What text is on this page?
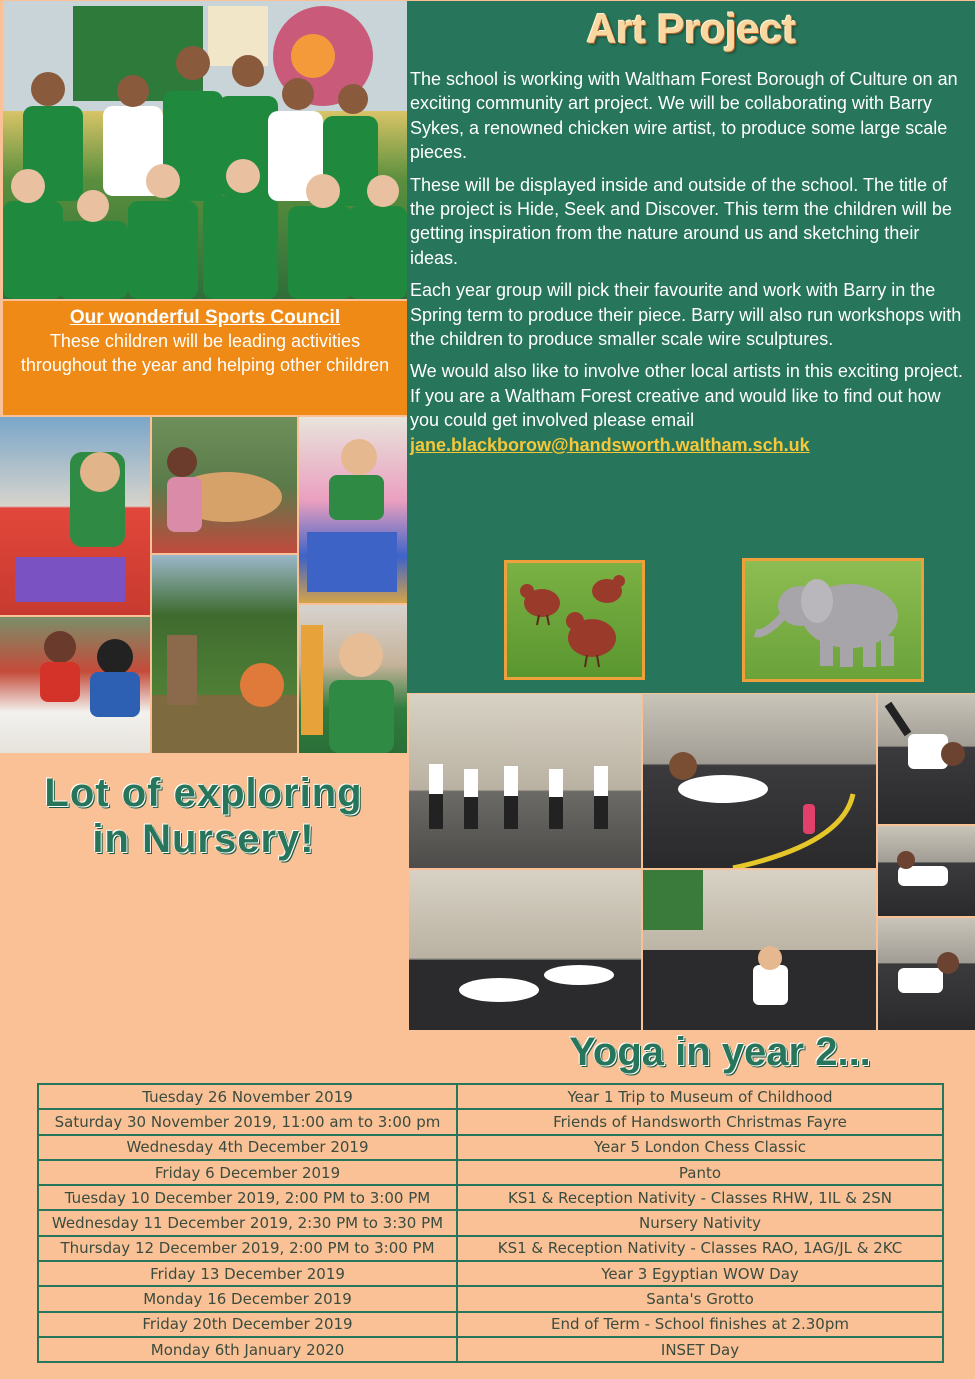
Our wonderful Sports Council
These children will be leading activities throughout the year and helping other children
Art Project

The school is working with Waltham Forest Borough of Culture on an exciting community art project. We will be collaborating with Barry Sykes, a renowned chicken wire artist, to produce some large scale pieces.

These will be displayed inside and outside of the school. The title of the project is Hide, Seek and Discover. This term the children will be getting inspiration from the nature around us and sketching their ideas.

Each year group will pick their favourite and work with Barry in the Spring term to produce their piece. Barry will also run workshops with the children to produce smaller scale wire sculptures.

We would also like to involve other local artists in this exciting project. If you are a Waltham Forest creative and would like to find out how you could get involved please email jane.blackborow@handsworth.waltham.sch.uk

Lot of exploring
in Nursery!
Yoga in year 2...
Tuesday 26 November 2019	Year 1 Trip to Museum of Childhood
Saturday 30 November 2019, 11:00 am to 3:00 pm	Friends of Handsworth Christmas Fayre
Wednesday 4th December 2019	Year 5 London Chess Classic
Friday 6 December 2019	Panto
Tuesday 10 December 2019, 2:00 PM to 3:00 PM	KS1 & Reception Nativity - Classes RHW, 1IL & 2SN
Wednesday 11 December 2019, 2:30 PM to 3:30 PM	Nursery Nativity
Thursday 12 December 2019, 2:00 PM to 3:00 PM	KS1 & Reception Nativity - Classes RAO, 1AG/JL & 2KC
Friday 13 December 2019	Year 3 Egyptian WOW Day
Monday 16 December 2019	Santa's Grotto
Friday 20th December 2019	End of Term - School finishes at 2.30pm
Monday 6th January 2020	INSET Day
